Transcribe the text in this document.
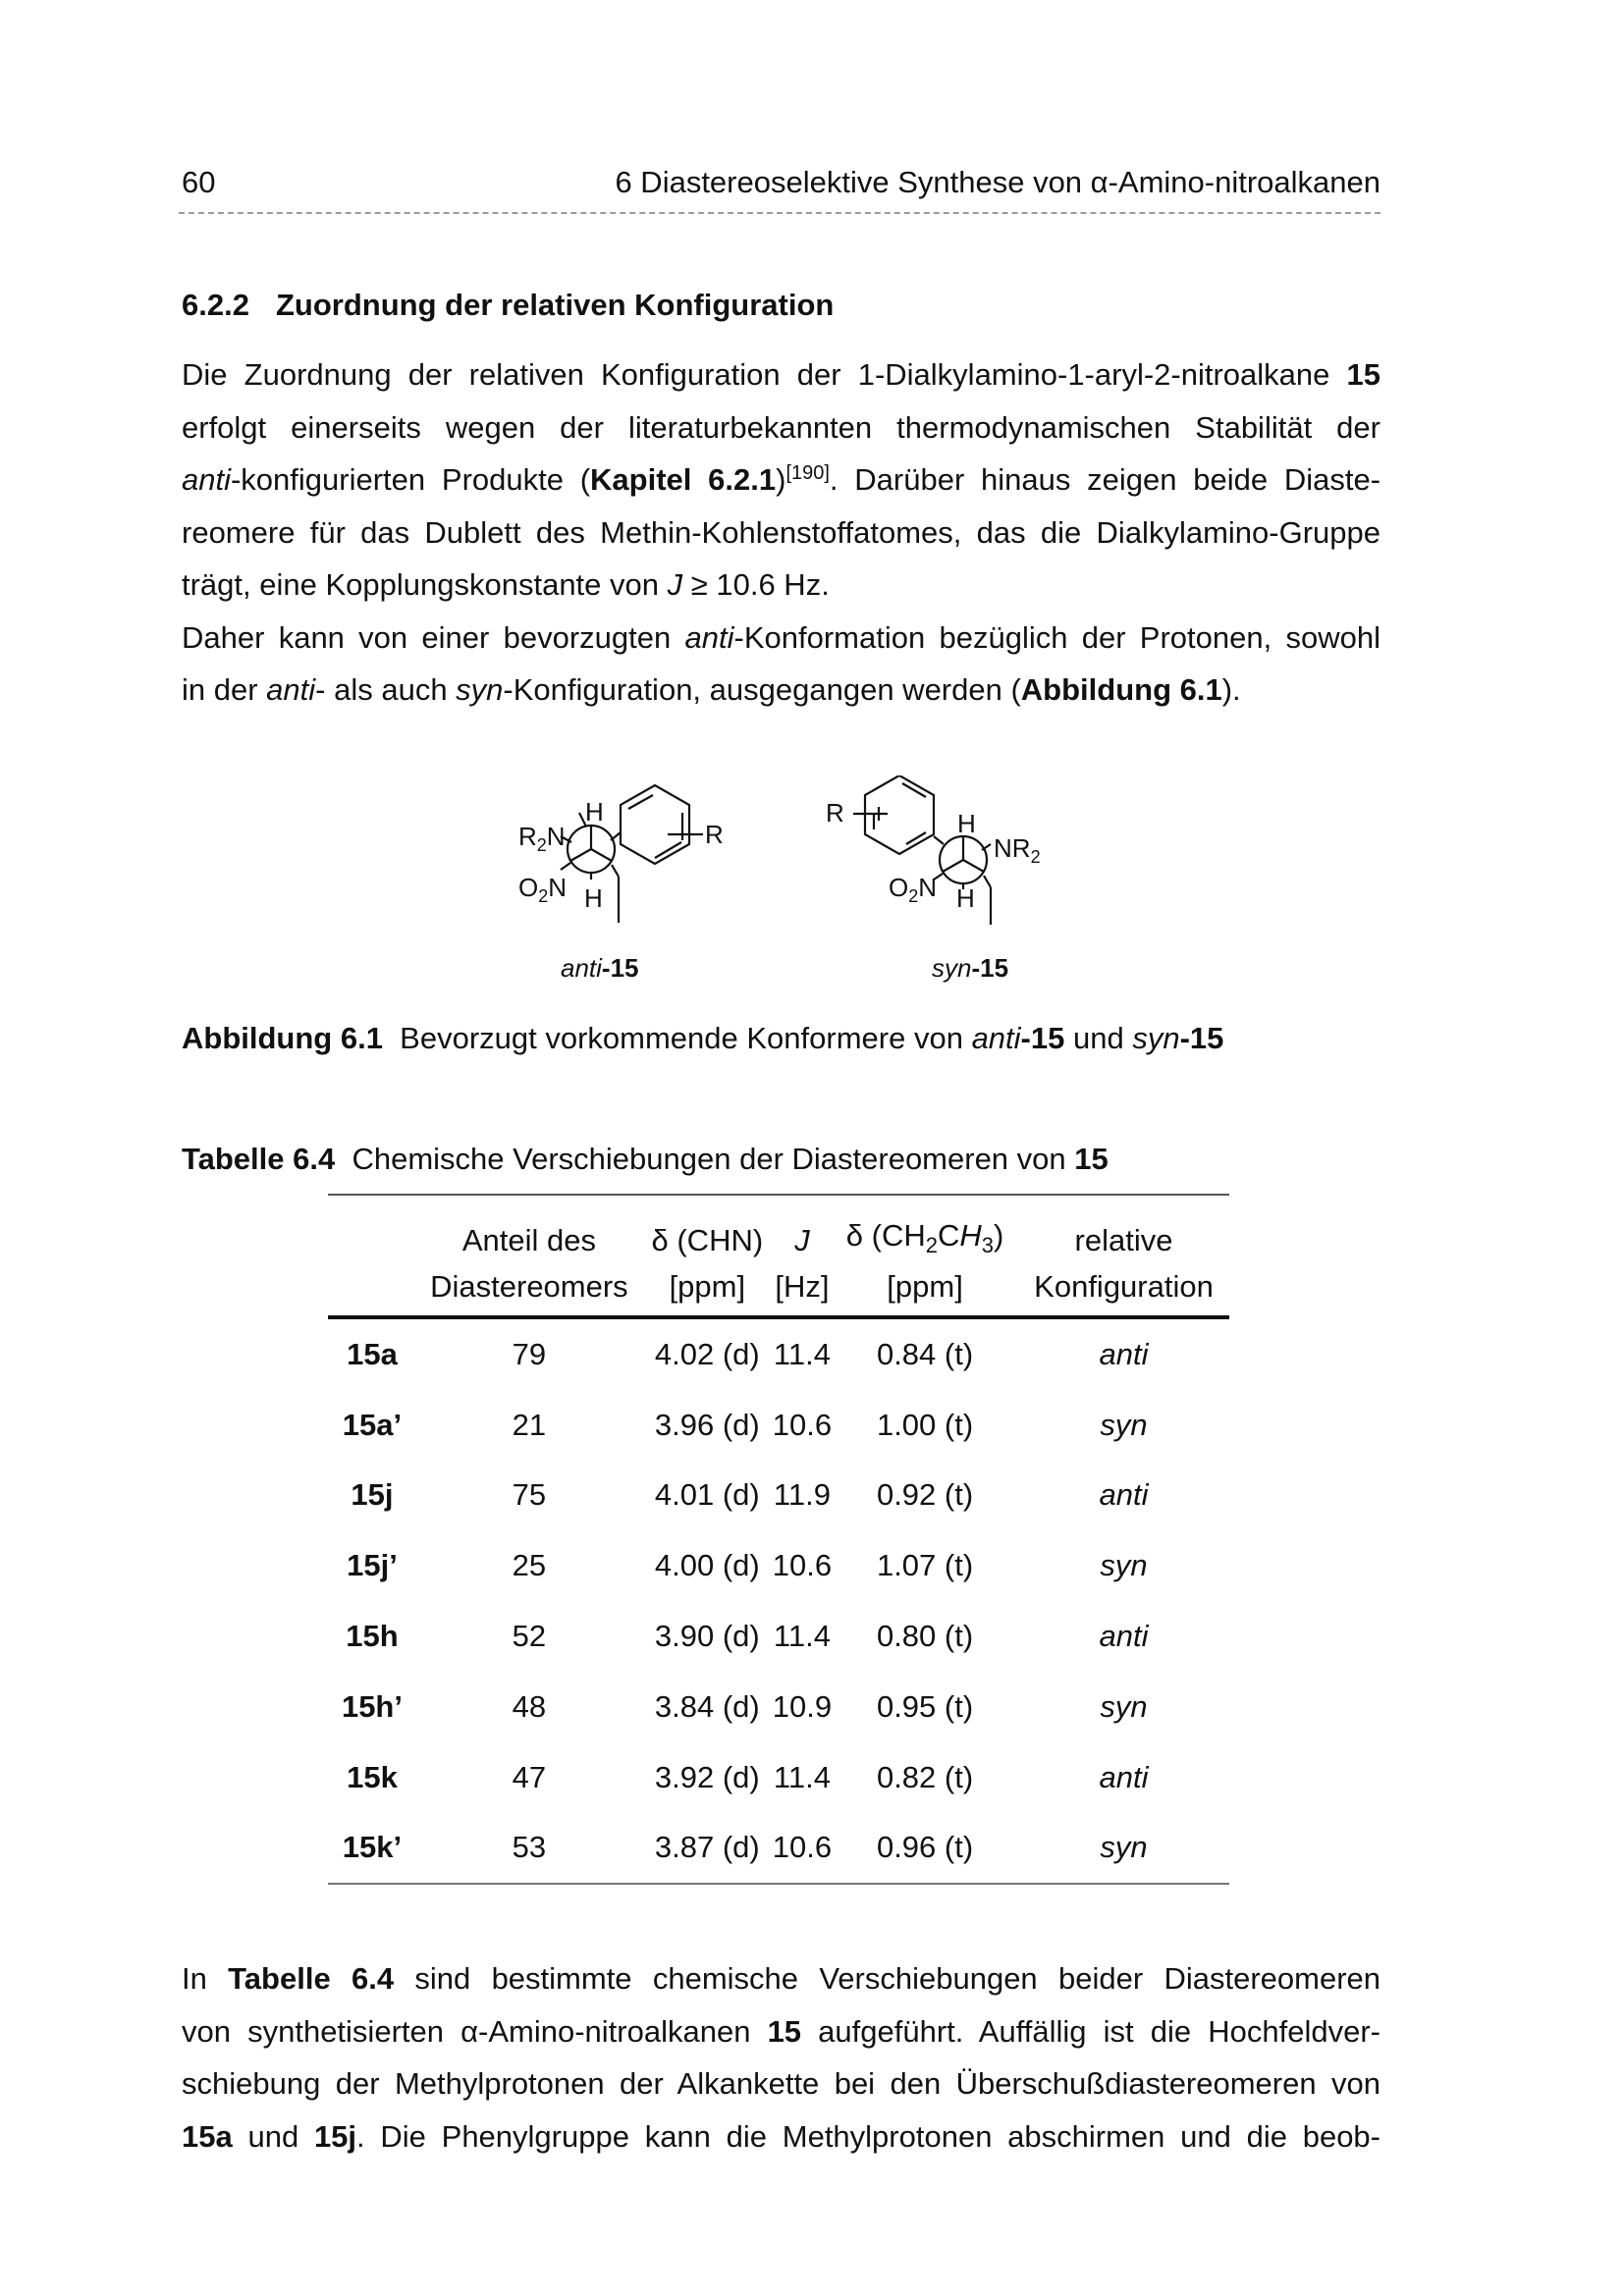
60	6 Diastereoselektive Synthese von α-Amino-nitroalkanen
6.2.2 Zuordnung der relativen Konfiguration
Die Zuordnung der relativen Konfiguration der 1-Dialkylamino-1-aryl-2-nitroalkane 15
erfolgt einerseits wegen der literaturbekannten thermodynamischen Stabilität der
anti-konfigurierten Produkte (Kapitel 6.2.1)[190]. Darüber hinaus zeigen beide Diaste-
reomere für das Dublett des Methin-Kohlenstoffatomes, das die Dialkylamino-Gruppe
trägt, eine Kopplungskonstante von J ≥ 10.6 Hz.
Daher kann von einer bevorzugten anti-Konformation bezüglich der Protonen, sowohl
in der anti- als auch syn-Konfiguration, ausgegangen werden (Abbildung 6.1).
$R_2N$
H
$O_2N$ H
R
anti-15
R	H
$NR_2$
$O_2N$ H
syn-15
Abbildung 6.1  Bevorzugt vorkommende Konformere von anti-15 und syn-15
Tabelle 6.4  Chemische Verschiebungen der Diastereomeren von 15
	Anteil des	δ (CHN)	J	δ $(CH_2CH_3)$	relative
	Diastereomers	[ppm]	[Hz]	[ppm]	Konfiguration
15a	79	4.02 (d)	11.4	0.84 (t)	anti
15a’	21	3.96 (d)	10.6	1.00 (t)	syn
15j	75	4.01 (d)	11.9	0.92 (t)	anti
15j’	25	4.00 (d)	10.6	1.07 (t)	syn
15h	52	3.90 (d)	11.4	0.80 (t)	anti
15h’	48	3.84 (d)	10.9	0.95 (t)	syn
15k	47	3.92 (d)	11.4	0.82 (t)	anti
15k’	53	3.87 (d)	10.6	0.96 (t)	syn
In Tabelle 6.4 sind bestimmte chemische Verschiebungen beider Diastereomeren
von synthetisierten α-Amino-nitroalkanen 15 aufgeführt. Auffällig ist die Hochfeldver-
schiebung der Methylprotonen der Alkankette bei den Überschußdiastereomeren von
15a und 15j. Die Phenylgruppe kann die Methylprotonen abschirmen und die beob-
